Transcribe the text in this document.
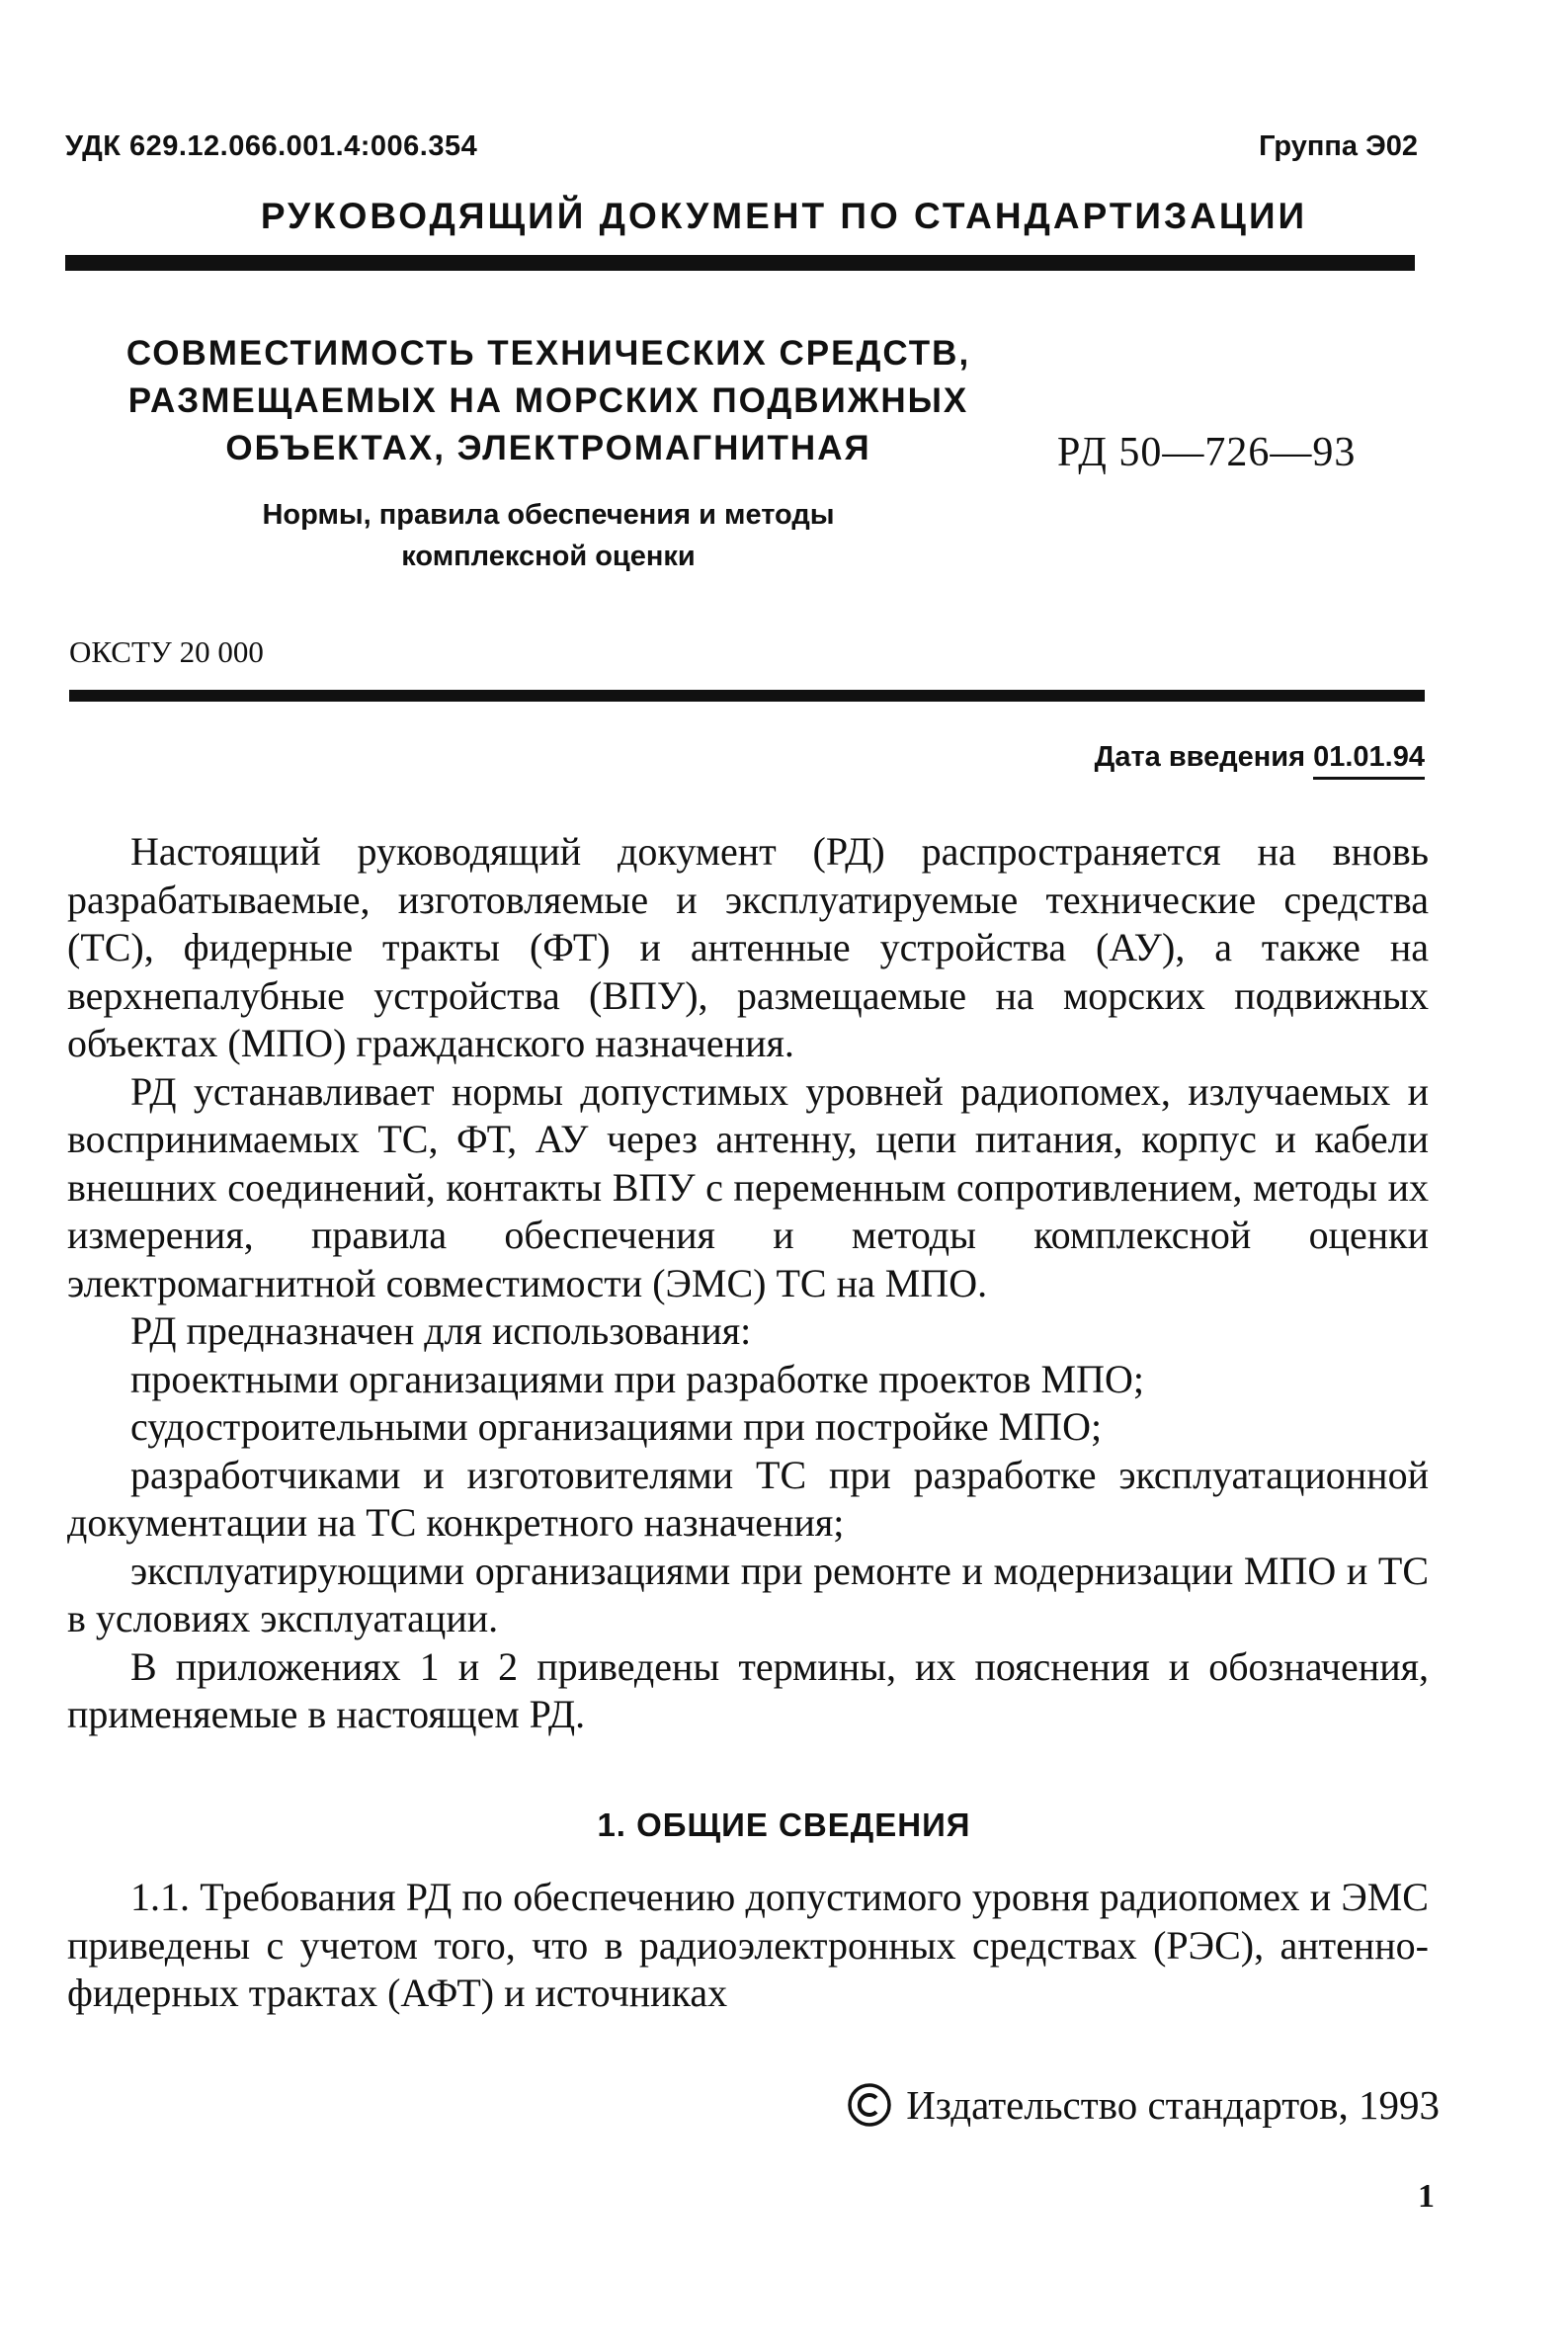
УДК 629.12.066.001.4:006.354	Группа Э02
РУКОВОДЯЩИЙ ДОКУМЕНТ ПО СТАНДАРТИЗАЦИИ
СОВМЕСТИМОСТЬ ТЕХНИЧЕСКИХ СРЕДСТВ,
РАЗМЕЩАЕМЫХ НА МОРСКИХ ПОДВИЖНЫХ
ОБЪЕКТАХ, ЭЛЕКТРОМАГНИТНАЯ
Нормы, правила обеспечения и методы
комплексной оценки
РД 50—726—93
ОКСТУ 20 000
Дата введения 01.01.94

Настоящий руководящий документ (РД) распространяется на вновь разрабатываемые, изготовляемые и эксплуатируемые технические средства (ТС), фидерные тракты (ФТ) и антенные устройства (АУ), а также на верхнепалубные устройства (ВПУ), размещаемые на морских подвижных объектах (МПО) гражданского назначения.

РД устанавливает нормы допустимых уровней радиопомех, излучаемых и воспринимаемых ТС, ФТ, АУ через антенну, цепи питания, корпус и кабели внешних соединений, контакты ВПУ с переменным сопротивлением, методы их измерения, правила обеспечения и методы комплексной оценки электромагнитной совместимости (ЭМС) ТС на МПО.

РД предназначен для использования:

проектными организациями при разработке проектов МПО;

судостроительными организациями при постройке МПО;

разработчиками и изготовителями ТС при разработке эксплуатационной документации на ТС конкретного назначения;

эксплуатирующими организациями при ремонте и модернизации МПО и ТС в условиях эксплуатации.

В приложениях 1 и 2 приведены термины, их пояснения и обозначения, применяемые в настоящем РД.

1. ОБЩИЕ СВЕДЕНИЯ

1.1. Требования РД по обеспечению допустимого уровня радиопомех и ЭМС приведены с учетом того, что в радиоэлектронных средствах (РЭС), антенно-фидерных трактах (АФТ) и источниках

Издательство стандартов, 1993
1
